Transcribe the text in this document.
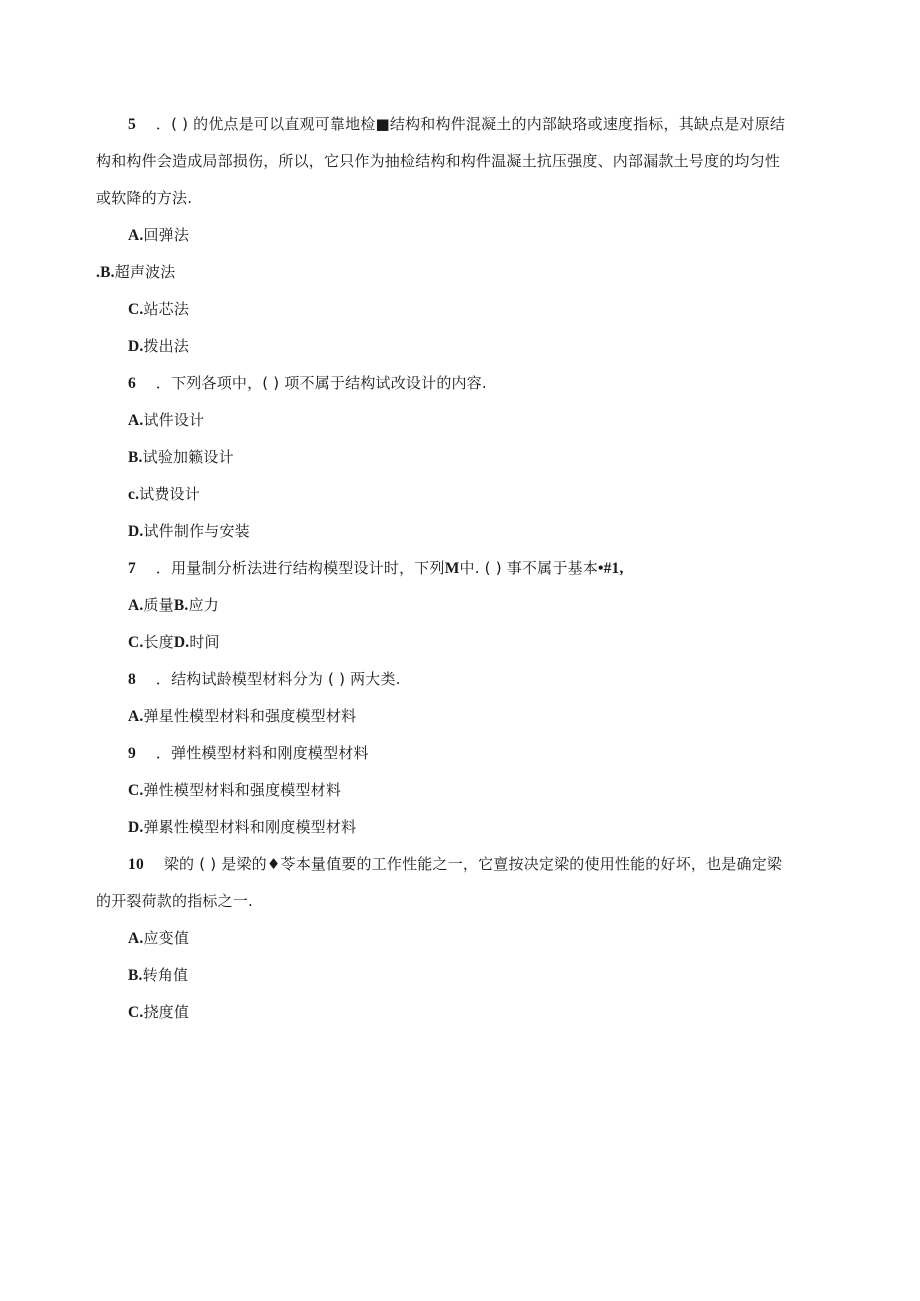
5 ．( ) 的优点是可以直观可靠地检■结构和构件混凝土的内部缺珞或速度指标，其缺点是对原结
构和构件会造成局部损伤，所以，它只作为抽检结构和构件温凝土抗压强度、内部漏款土号度的均匀性
或软降的方法.
A.回弹法
.B.超声波法
C.站芯法
D.拨出法
6 ．下列各项中，( ) 项不属于结构试改设计的内容.
A.试件设计
B.试验加籁设计
c.试费设计
D.试件制作与安装
7 ．用量制分析法进行结构模型设计时，下列M中. ( ) 事不属于基本•#1,
A.质量B.应力
C.长度D.时间
8 ．结构试龄模型材料分为 ( ) 两大类.
A.弹星性模型材料和强度模型材料
9 ．弹性模型材料和刚度模型材料
C.弹性模型材料和强度模型材料
D.弹累性模型材料和刚度模型材料
10 梁的 ( ) 是梁的♦苓本量值要的工作性能之一，它亶按决定梁的使用性能的好坏，也是确定梁
的开裂荷款的指标之一.
A.应变值
B.转角值
C.挠度值
